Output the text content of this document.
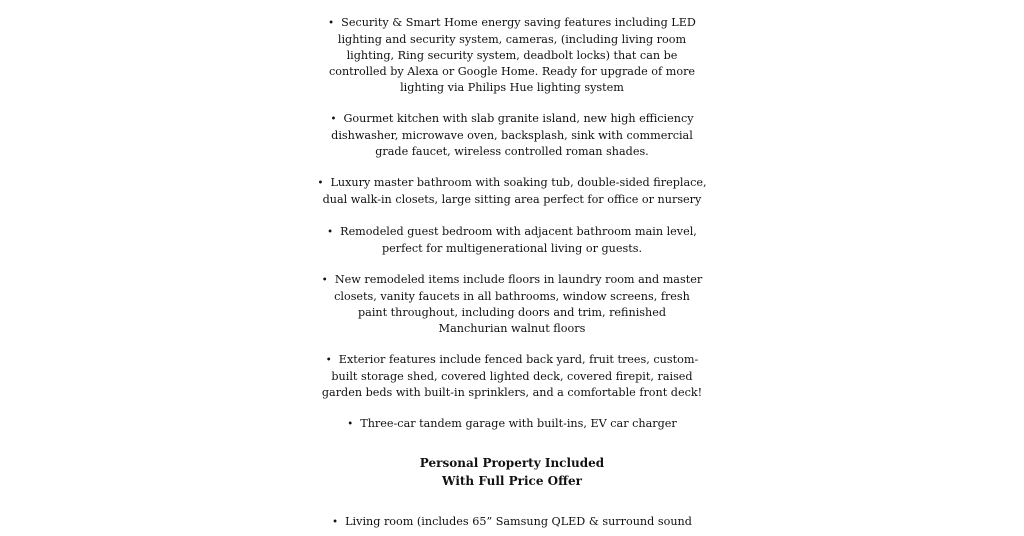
• Security & Smart Home energy saving features including LED
lighting and security system, cameras, (including living room
lighting, Ring security system, deadbolt locks) that can be
controlled by Alexa or Google Home. Ready for upgrade of more
lighting via Philips Hue lighting system
• Gourmet kitchen with slab granite island, new high efficiency
dishwasher, microwave oven, backsplash, sink with commercial
grade faucet, wireless controlled roman shades.
• Luxury master bathroom with soaking tub, double-sided fireplace,
dual walk-in closets, large sitting area perfect for office or nursery
• Remodeled guest bedroom with adjacent bathroom main level,
perfect for multigenerational living or guests.
• New remodeled items include floors in laundry room and master
closets, vanity faucets in all bathrooms, window screens, fresh
paint throughout, including doors and trim, refinished
Manchurian walnut floors
• Exterior features include fenced back yard, fruit trees, custom-
built storage shed, covered lighted deck, covered firepit, raised
garden beds with built-in sprinklers, and a comfortable front deck!
• Three-car tandem garage with built-ins, EV car charger
Personal Property Included
With Full Price Offer
• Living room (includes 65” Samsung QLED & surround sound
